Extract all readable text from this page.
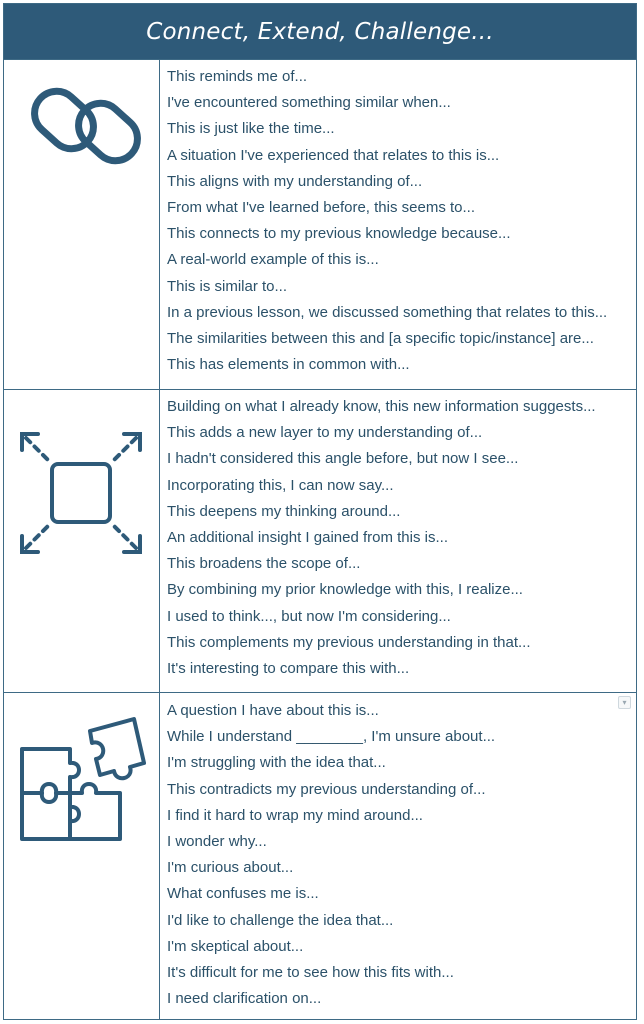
Connect, Extend, Challenge...
This reminds me of...
I've encountered something similar when...
This is just like the time...
A situation I've experienced that relates to this is...
This aligns with my understanding of...
From what I've learned before, this seems to...
This connects to my previous knowledge because...
A real-world example of this is...
This is similar to...
In a previous lesson, we discussed something that relates to this...
The similarities between this and [a specific topic/instance] are...
This has elements in common with...
Building on what I already know, this new information suggests...
This adds a new layer to my understanding of...
I hadn't considered this angle before, but now I see...
Incorporating this, I can now say...
This deepens my thinking around...
An additional insight I gained from this is...
This broadens the scope of...
By combining my prior knowledge with this, I realize...
I used to think..., but now I'm considering...
This complements my previous understanding in that...
It's interesting to compare this with...
▾
A question I have about this is...
While I understand ________, I'm unsure about...
I'm struggling with the idea that...
This contradicts my previous understanding of...
I find it hard to wrap my mind around...
I wonder why...
I'm curious about...
What confuses me is...
I'd like to challenge the idea that...
I'm skeptical about...
It's difficult for me to see how this fits with...
I need clarification on...
